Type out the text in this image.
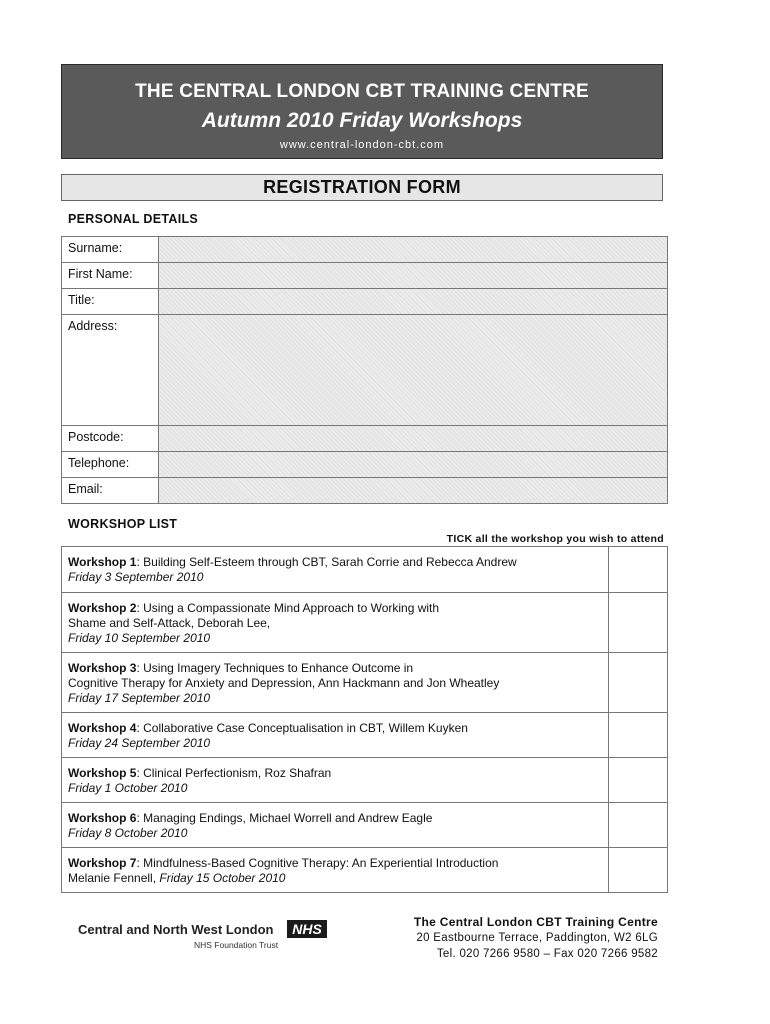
THE CENTRAL LONDON CBT TRAINING CENTRE
Autumn 2010 Friday Workshops
www.central-london-cbt.com
REGISTRATION FORM
PERSONAL DETAILS
Surname:	
First Name:	
Title:	
Address:	
Postcode:	
Telephone:	
Email:	
WORKSHOP LIST
TICK all the workshop you wish to attend
Workshop 1: Building Self-Esteem through CBT, Sarah Corrie and Rebecca Andrew
Friday 3 September 2010	
Workshop 2: Using a Compassionate Mind Approach to Working with
Shame and Self-Attack, Deborah Lee,
Friday 10 September 2010	
Workshop 3: Using Imagery Techniques to Enhance Outcome in
Cognitive Therapy for Anxiety and Depression, Ann Hackmann and Jon Wheatley
Friday 17 September 2010	
Workshop 4: Collaborative Case Conceptualisation in CBT, Willem Kuyken
Friday 24 September 2010	
Workshop 5: Clinical Perfectionism, Roz Shafran
Friday 1 October 2010	
Workshop 6: Managing Endings, Michael Worrell and Andrew Eagle
Friday 8 October 2010	
Workshop 7: Mindfulness-Based Cognitive Therapy: An Experiential Introduction
Melanie Fennell, Friday 15 October 2010	
Central and North West London	NHS
NHS Foundation Trust
The Central London CBT Training Centre
20 Eastbourne Terrace, Paddington, W2 6LG
Tel. 020 7266 9580 – Fax 020 7266 9582
